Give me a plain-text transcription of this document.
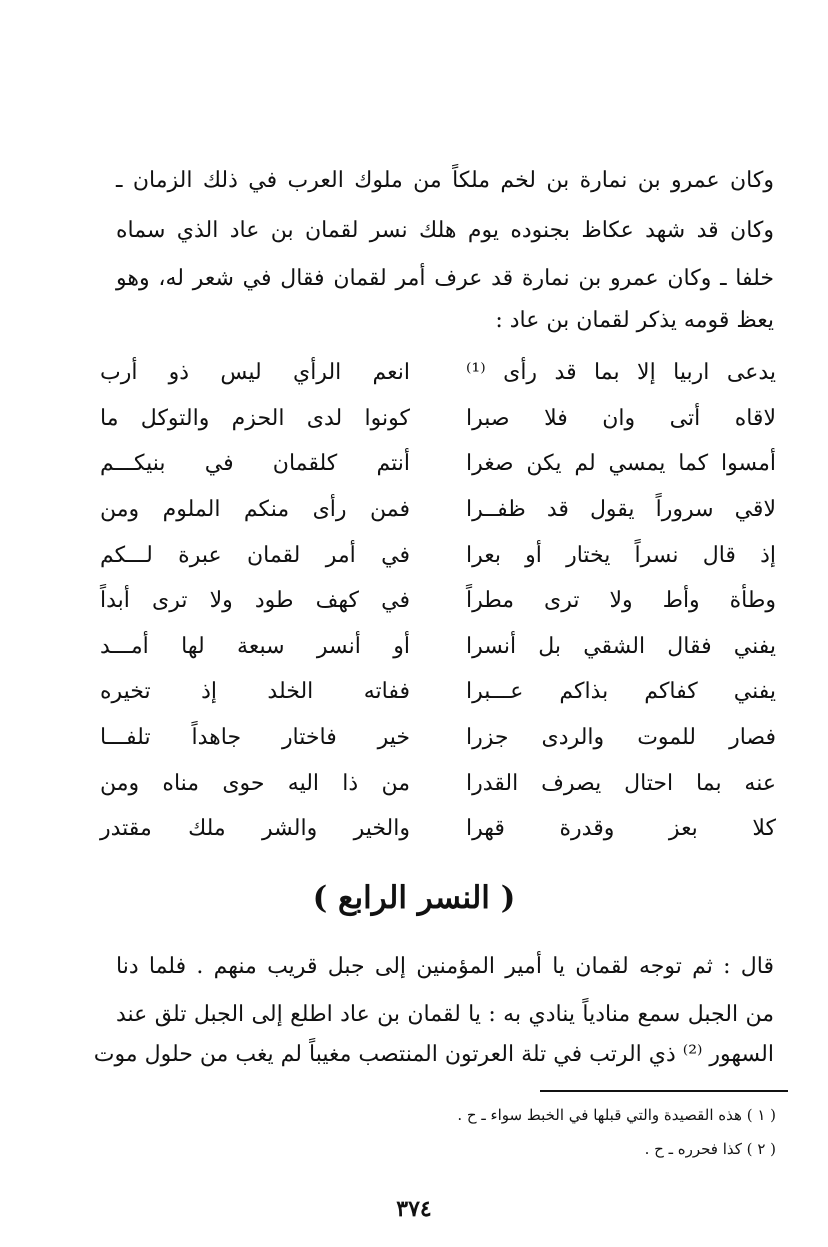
وكان عمرو بن نمارة بن لخم ملكاً من ملوك العرب في ذلك الزمان ـ
وكان قد شهد عكاظ بجنوده يوم هلك نسر لقمان بن عاد الذي سماه
خلفا ـ وكان عمرو بن نمارة قد عرف أمر لقمان فقال في شعر له، وهو
يعظ قومه يذكر لقمان بن عاد :
انعم الرأي ليس ذو أرب	يدعى اربيا إلا بما قد رأى ⁽¹⁾
كونوا لدى الحزم والتوكل ما	لاقاه أتى وان فلا صبرا
أنتم كلقمان في بنيكـــم	أمسوا كما يمسي لم يكن صغرا
فمن رأى منكم الملوم ومن	لاقي سروراً يقول قد ظفــرا
في أمر لقمان عبرة لـــكم	إذ قال نسراً يختار أو بعرا
في كهف طود ولا ترى أبداً	وطأة وأط ولا ترى مطراً
أو أنسر سبعة لها أمـــد	يفني فقال الشقي بل أنسرا
ففاته الخلد إذ تخيره	يفني كفاكم بذاكم عـــبرا
خير فاختار جاهداً تلفـــا	فصار للموت والردى جزرا
من ذا اليه حوى مناه ومن	عنه بما احتال يصرف القدرا
والخير والشر ملك مقتدر	كلا بعز وقدرة قهرا
( النسر الرابع )
قال : ثم توجه لقمان يا أمير المؤمنين إلى جبل قريب منهم . فلما دنا
من الجبل سمع منادياً ينادي به : يا لقمان بن عاد اطلع إلى الجبل تلق عند
السهور ⁽²⁾ ذي الرتب في تلة العرتون المنتصب مغيباً لم يغب من حلول موت
( ١ ) هذه القصيدة والتي قبلها في الخبط سواء ـ ح .
( ٢ ) كذا فحرره ـ ح .
٣٧٤
